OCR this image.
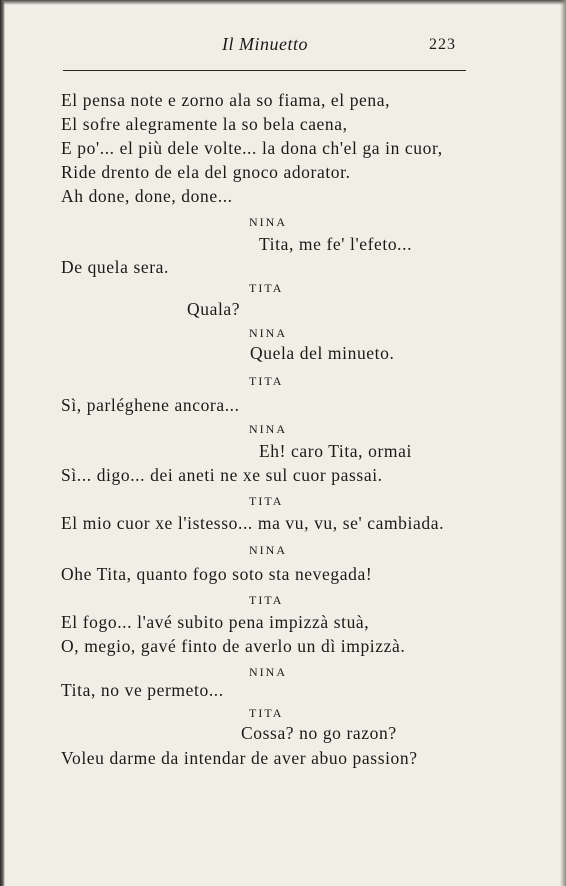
Il Minuetto	223
El pensa note e zorno ala so fiama, el pena,
El sofre alegramente la so bela caena,
E po'... el più dele volte... la dona ch'el ga in cuor,
Ride drento de ela del gnoco adorator.
Ah done, done, done...
NINA
Tita, me fe' l'efeto...
De quela sera.
TITA
Quala?
NINA
Quela del minueto.
TITA
Sì, parléghene ancora...
NINA
Eh! caro Tita, ormai
Sì... digo... dei aneti ne xe sul cuor passai.
TITA
El mio cuor xe l'istesso... ma vu, vu, se' cambiada.
NINA
Ohe Tita, quanto fogo soto sta nevegada!
TITA
El fogo... l'avé subito pena impizzà stuà,
O, megio, gavé finto de averlo un dì impizzà.
NINA
Tita, no ve permeto...
TITA
Cossa? no go razon?
Voleu darme da intendar de aver abuo passion?
